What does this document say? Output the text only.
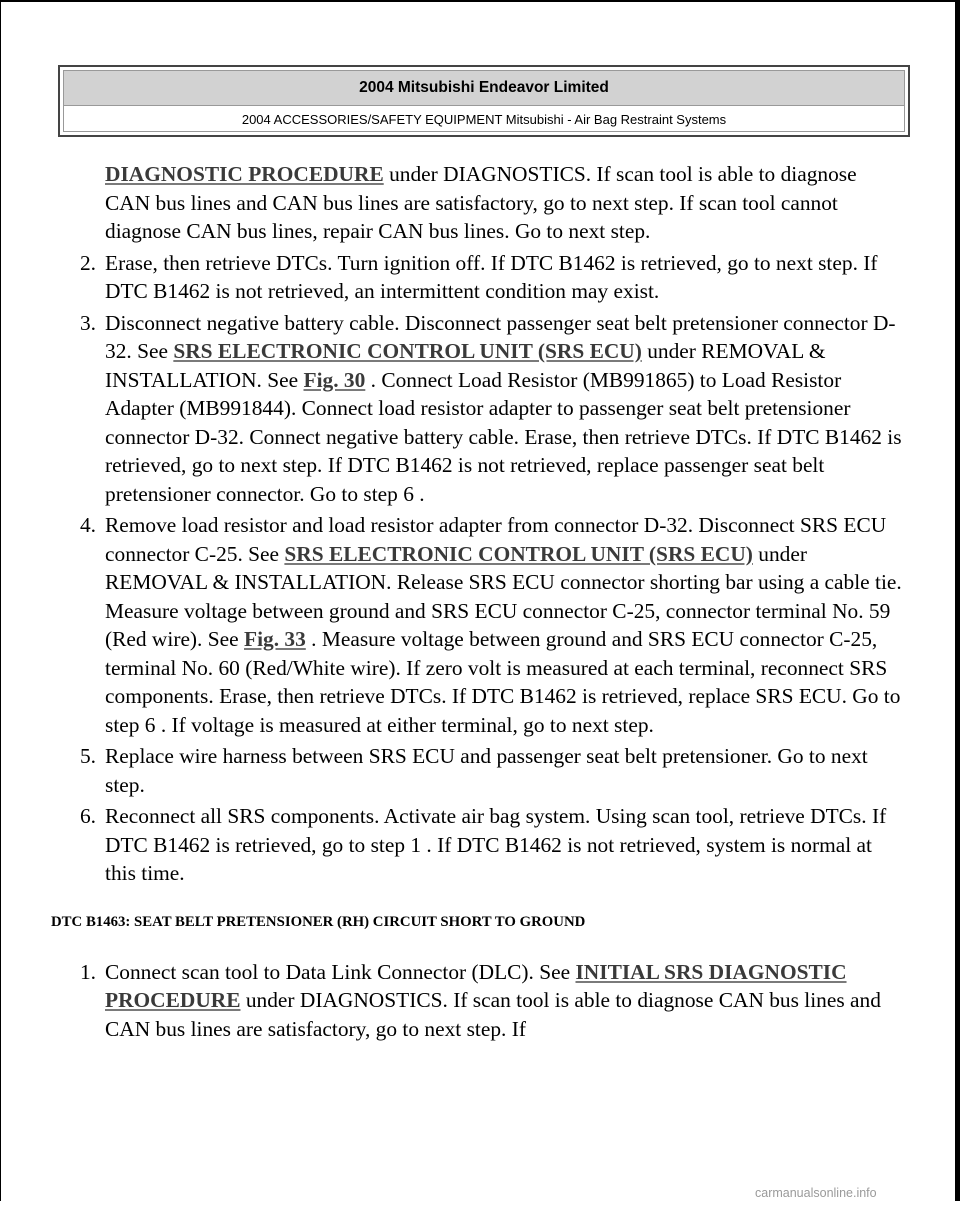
2004 Mitsubishi Endeavor Limited
2004 ACCESSORIES/SAFETY EQUIPMENT Mitsubishi - Air Bag Restraint Systems
DIAGNOSTIC PROCEDURE under DIAGNOSTICS. If scan tool is able to diagnose CAN bus lines and CAN bus lines are satisfactory, go to next step. If scan tool cannot diagnose CAN bus lines, repair CAN bus lines. Go to next step.
2. Erase, then retrieve DTCs. Turn ignition off. If DTC B1462 is retrieved, go to next step. If DTC B1462 is not retrieved, an intermittent condition may exist.
3. Disconnect negative battery cable. Disconnect passenger seat belt pretensioner connector D-32. See SRS ELECTRONIC CONTROL UNIT (SRS ECU) under REMOVAL & INSTALLATION. See Fig. 30 . Connect Load Resistor (MB991865) to Load Resistor Adapter (MB991844). Connect load resistor adapter to passenger seat belt pretensioner connector D-32. Connect negative battery cable. Erase, then retrieve DTCs. If DTC B1462 is retrieved, go to next step. If DTC B1462 is not retrieved, replace passenger seat belt pretensioner connector. Go to step 6 .
4. Remove load resistor and load resistor adapter from connector D-32. Disconnect SRS ECU connector C-25. See SRS ELECTRONIC CONTROL UNIT (SRS ECU) under REMOVAL & INSTALLATION. Release SRS ECU connector shorting bar using a cable tie. Measure voltage between ground and SRS ECU connector C-25, connector terminal No. 59 (Red wire). See Fig. 33 . Measure voltage between ground and SRS ECU connector C-25, terminal No. 60 (Red/White wire). If zero volt is measured at each terminal, reconnect SRS components. Erase, then retrieve DTCs. If DTC B1462 is retrieved, replace SRS ECU. Go to step 6 . If voltage is measured at either terminal, go to next step.
5. Replace wire harness between SRS ECU and passenger seat belt pretensioner. Go to next step.
6. Reconnect all SRS components. Activate air bag system. Using scan tool, retrieve DTCs. If DTC B1462 is retrieved, go to step 1 . If DTC B1462 is not retrieved, system is normal at this time.
DTC B1463: SEAT BELT PRETENSIONER (RH) CIRCUIT SHORT TO GROUND
1. Connect scan tool to Data Link Connector (DLC). See INITIAL SRS DIAGNOSTIC PROCEDURE under DIAGNOSTICS. If scan tool is able to diagnose CAN bus lines and CAN bus lines are satisfactory, go to next step. If
carmanualsonline.info
